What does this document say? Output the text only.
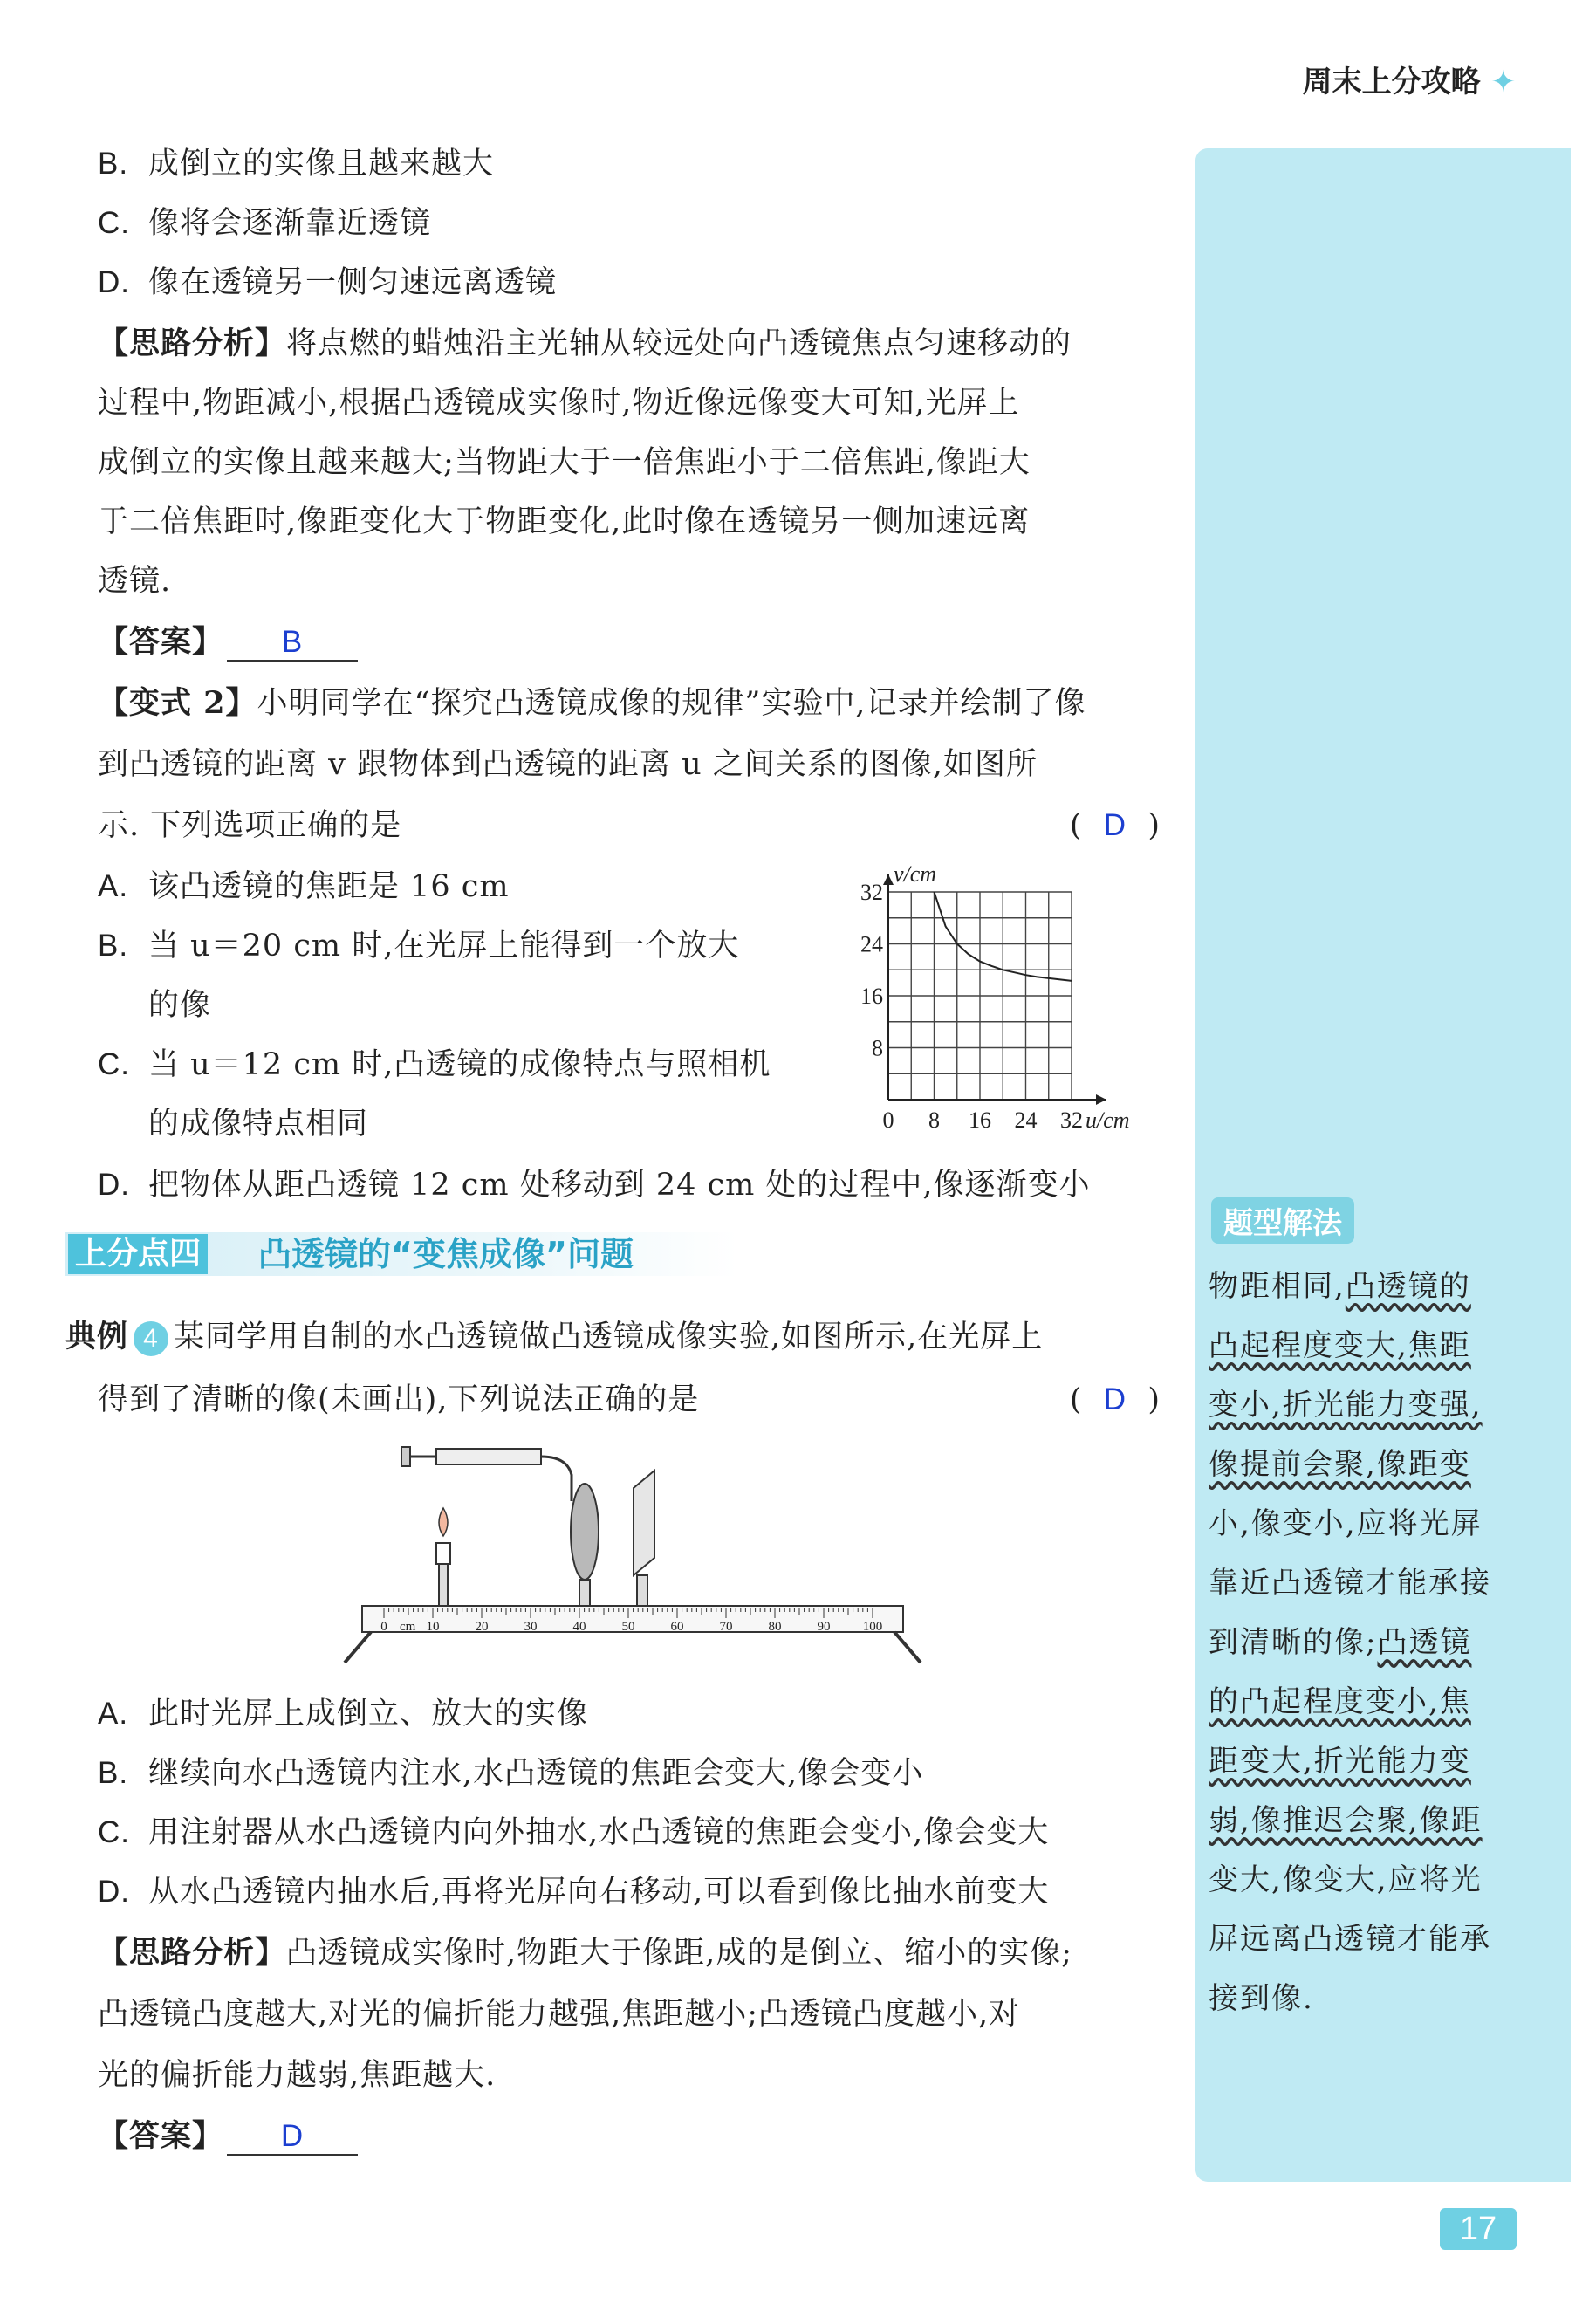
周末上分攻略 ✦
B. 成倒立的实像且越来越大
C. 像将会逐渐靠近透镜
D. 像在透镜另一侧匀速远离透镜
【思路分析】将点燃的蜡烛沿主光轴从较远处向凸透镜焦点匀速移动的
过程中,物距减小,根据凸透镜成实像时,物近像远像变大可知,光屏上
成倒立的实像且越来越大;当物距大于一倍焦距小于二倍焦距,像距大
于二倍焦距时,像距变化大于物距变化,此时像在透镜另一侧加速远离
透镜.
【答案】 B
【变式 2】小明同学在“探究凸透镜成像的规律”实验中,记录并绘制了像
到凸透镜的距离 v 跟物体到凸透镜的距离 u 之间关系的图像,如图所
示. 下列选项正确的是	( D )
A. 该凸透镜的焦距是 16 cm
B. 当 u＝20 cm 时,在光屏上能得到一个放大
的像
C. 当 u＝12 cm 时,凸透镜的成像特点与照相机
的成像特点相同
D. 把物体从距凸透镜 12 cm 处移动到 24 cm 处的过程中,像逐渐变小
0 8 16 24 32
8
16
24
32
u/cm
v/cm
上分点四 凸透镜的“变焦成像”问题
典例 4 某同学用自制的水凸透镜做凸透镜成像实验,如图所示,在光屏上
得到了清晰的像(未画出),下列说法正确的是	( D )
0	10	20	30	40	50	60	70	80	90 100
cm
A. 此时光屏上成倒立、放大的实像
B. 继续向水凸透镜内注水,水凸透镜的焦距会变大,像会变小
C. 用注射器从水凸透镜内向外抽水,水凸透镜的焦距会变小,像会变大
D. 从水凸透镜内抽水后,再将光屏向右移动,可以看到像比抽水前变大
【思路分析】凸透镜成实像时,物距大于像距,成的是倒立、缩小的实像;
凸透镜凸度越大,对光的偏折能力越强,焦距越小;凸透镜凸度越小,对
光的偏折能力越弱,焦距越大.
【答案】 D
题型解法
物距相同,凸透镜的
凸起程度变大,焦距
变小,折光能力变强,
像提前会聚,像距变
小,像变小,应将光屏
靠近凸透镜才能承接
到清晰的像;凸透镜
的凸起程度变小,焦
距变大,折光能力变
弱,像推迟会聚,像距
变大,像变大,应将光
屏远离凸透镜才能承
接到像.
17
